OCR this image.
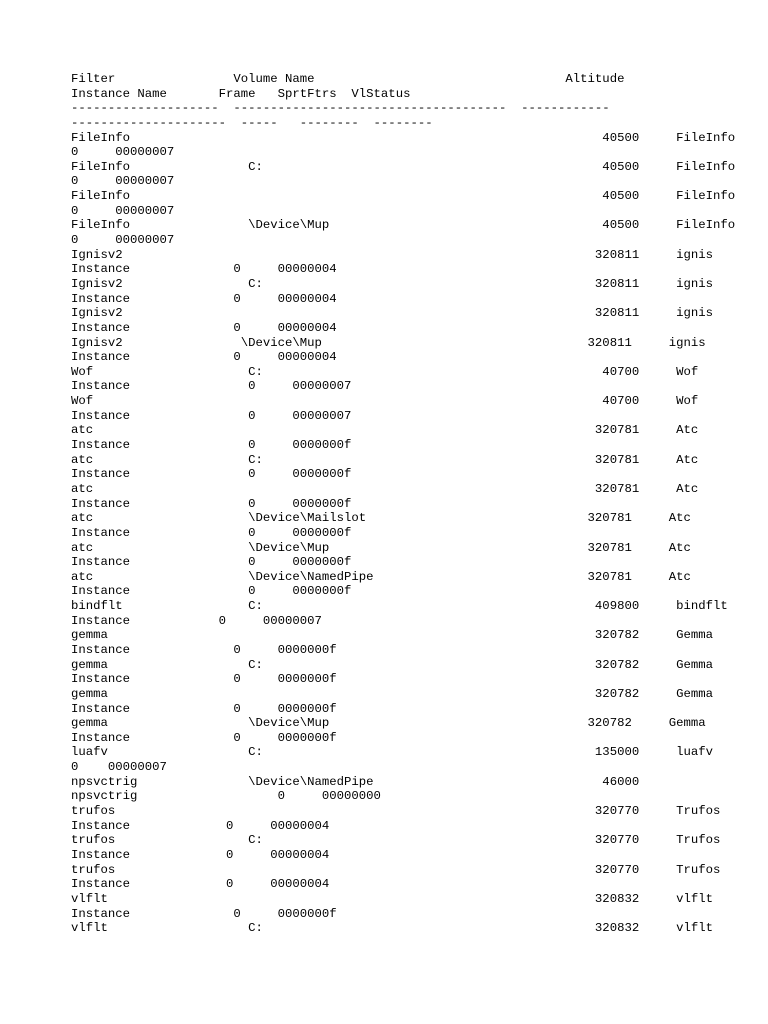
Filter                Volume Name                                  Altitude
Instance Name       Frame   SprtFtrs  VlStatus
--------------------  -------------------------------------  ------------
---------------------  -----   --------  --------
FileInfo                                                                40500     FileInfo
0     00000007
FileInfo                C:                                              40500     FileInfo
0     00000007
FileInfo                                                                40500     FileInfo
0     00000007
FileInfo                \Device\Mup                                     40500     FileInfo
0     00000007
Ignisv2                                                                320811     ignis
Instance              0     00000004
Ignisv2                 C:                                             320811     ignis
Instance              0     00000004
Ignisv2                                                                320811     ignis
Instance              0     00000004
Ignisv2                \Device\Mup                                    320811     ignis
Instance              0     00000004
Wof                     C:                                              40700     Wof
Instance                0     00000007
Wof                                                                     40700     Wof
Instance                0     00000007
atc                                                                    320781     Atc
Instance                0     0000000f
atc                     C:                                             320781     Atc
Instance                0     0000000f
atc                                                                    320781     Atc
Instance                0     0000000f
atc                     \Device\Mailslot                              320781     Atc
Instance                0     0000000f
atc                     \Device\Mup                                   320781     Atc
Instance                0     0000000f
atc                     \Device\NamedPipe                             320781     Atc
Instance                0     0000000f
bindflt                 C:                                             409800     bindflt
Instance            0     00000007
gemma                                                                  320782     Gemma
Instance              0     0000000f
gemma                   C:                                             320782     Gemma
Instance              0     0000000f
gemma                                                                  320782     Gemma
Instance              0     0000000f
gemma                   \Device\Mup                                   320782     Gemma
Instance              0     0000000f
luafv                   C:                                             135000     luafv
0    00000007
npsvctrig               \Device\NamedPipe                               46000
npsvctrig                   0     00000000
trufos                                                                 320770     Trufos
Instance             0     00000004
trufos                  C:                                             320770     Trufos
Instance             0     00000004
trufos                                                                 320770     Trufos
Instance             0     00000004
vlflt                                                                  320832     vlflt
Instance              0     0000000f
vlflt                   C:                                             320832     vlflt
